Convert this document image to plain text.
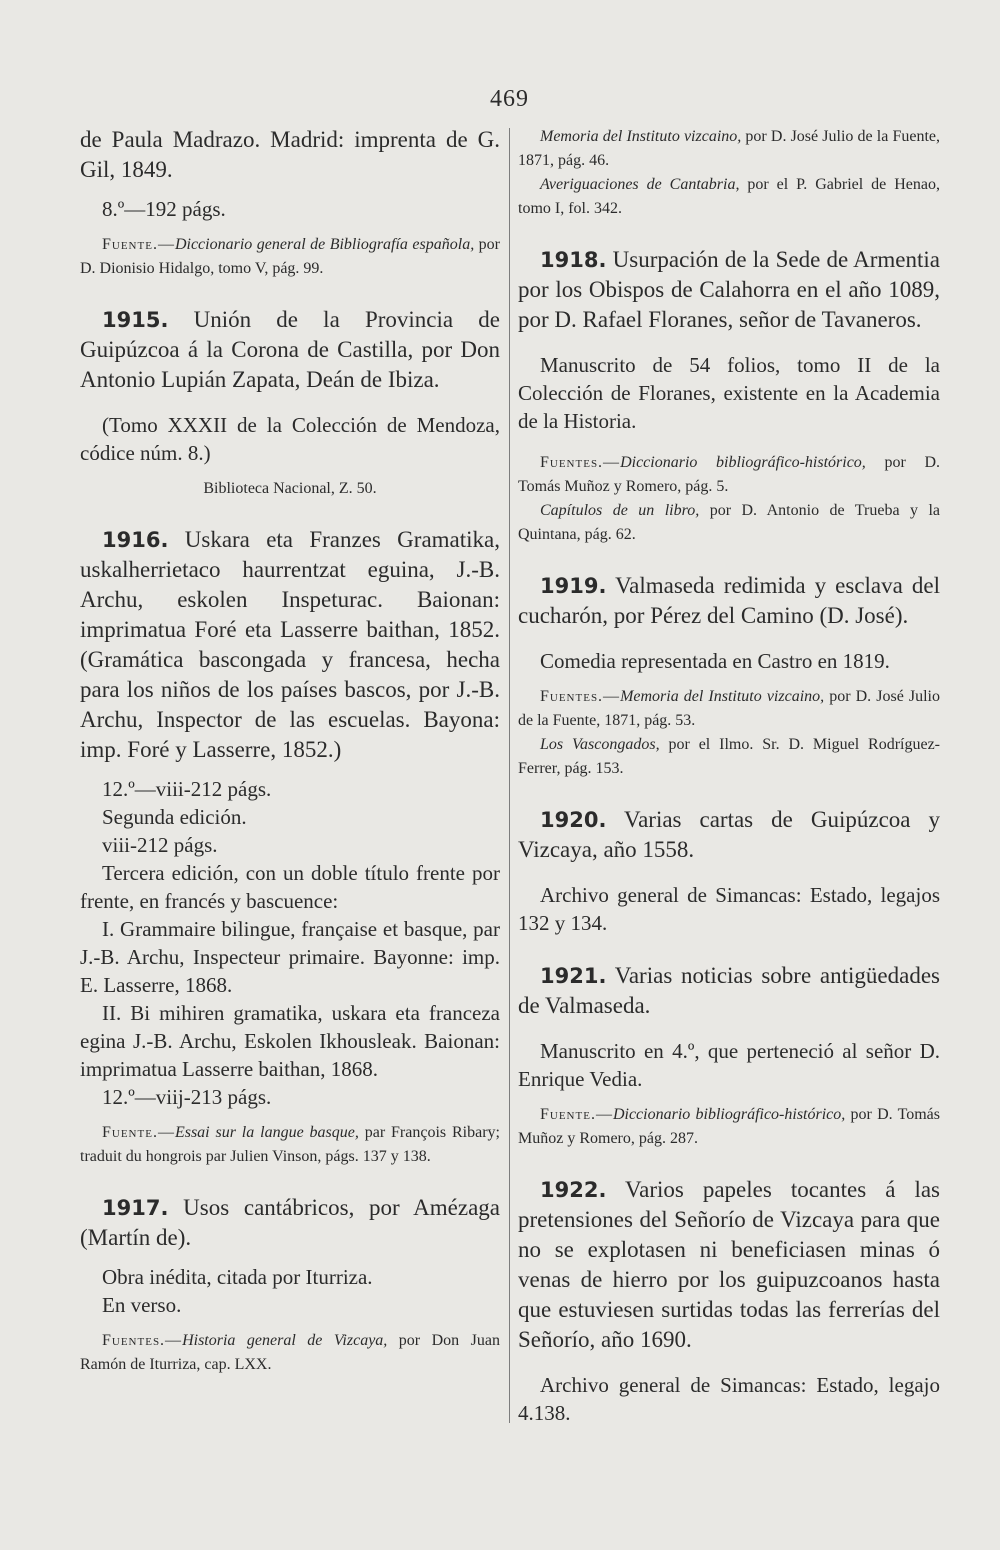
469

de Paula Madrazo. Madrid: imprenta de G. Gil, 1849.

8.º—192 págs.

Fuente.—Diccionario general de Bibliografía española, por D. Dionisio Hidalgo, tomo V, pág. 99.

1915. Unión de la Provincia de Guipúzcoa á la Corona de Castilla, por Don Antonio Lupián Zapata, Deán de Ibiza.

(Tomo XXXII de la Colección de Mendoza, códice núm. 8.)

Biblioteca Nacional, Z. 50.

1916. Uskara eta Franzes Gramatika, uskalherrietaco haurrentzat eguina, J.-B. Archu, eskolen Inspeturac. Baionan: imprimatua Foré eta Lasserre baithan, 1852. (Gramática bascongada y francesa, hecha para los niños de los países bascos, por J.-B. Archu, Inspector de las escuelas. Bayona: imp. Foré y Lasserre, 1852.)

12.º—viii-212 págs.

Segunda edición.

viii-212 págs.

Tercera edición, con un doble título frente por frente, en francés y bascuence:

I. Grammaire bilingue, française et basque, par J.-B. Archu, Inspecteur primaire. Bayonne: imp. E. Lasserre, 1868.

II. Bi mihiren gramatika, uskara eta franceza egina J.-B. Archu, Eskolen Ikhousleak. Baionan: imprimatua Lasserre baithan, 1868.

12.º—viij-213 págs.

Fuente.—Essai sur la langue basque, par François Ribary; traduit du hongrois par Julien Vinson, págs. 137 y 138.

1917. Usos cantábricos, por Amézaga (Martín de).

Obra inédita, citada por Iturriza.

En verso.

Fuentes.—Historia general de Vizcaya, por Don Juan Ramón de Iturriza, cap. LXX.

Memoria del Instituto vizcaino, por D. José Julio de la Fuente, 1871, pág. 46.

Averiguaciones de Cantabria, por el P. Gabriel de Henao, tomo I, fol. 342.

1918. Usurpación de la Sede de Armentia por los Obispos de Calahorra en el año 1089, por D. Rafael Floranes, señor de Tavaneros.

Manuscrito de 54 folios, tomo II de la Colección de Floranes, existente en la Academia de la Historia.

Fuentes.—Diccionario bibliográfico-histórico, por D. Tomás Muñoz y Romero, pág. 5.

Capítulos de un libro, por D. Antonio de Trueba y la Quintana, pág. 62.

1919. Valmaseda redimida y esclava del cucharón, por Pérez del Camino (D. José).

Comedia representada en Castro en 1819.

Fuentes.—Memoria del Instituto vizcaino, por D. José Julio de la Fuente, 1871, pág. 53.

Los Vascongados, por el Ilmo. Sr. D. Miguel Rodríguez-Ferrer, pág. 153.

1920. Varias cartas de Guipúzcoa y Vizcaya, año 1558.

Archivo general de Simancas: Estado, legajos 132 y 134.

1921. Varias noticias sobre antigüedades de Valmaseda.

Manuscrito en 4.º, que perteneció al señor D. Enrique Vedia.

Fuente.—Diccionario bibliográfico-histórico, por D. Tomás Muñoz y Romero, pág. 287.

1922. Varios papeles tocantes á las pretensiones del Señorío de Vizcaya para que no se explotasen ni beneficiasen minas ó venas de hierro por los guipuzcoanos hasta que estuviesen surtidas todas las ferrerías del Señorío, año 1690.

Archivo general de Simancas: Estado, legajo 4.138.
